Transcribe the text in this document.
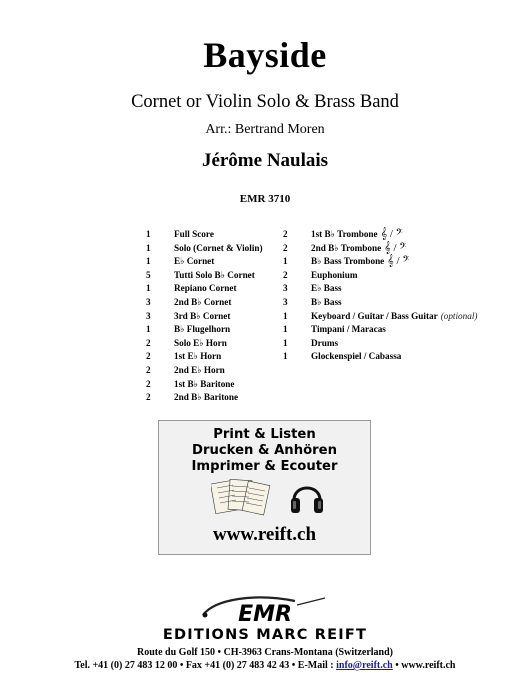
Bayside
Cornet or Violin Solo & Brass Band
Arr.: Bertrand Moren
Jérôme Naulais
EMR 3710
1	Full Score
1	Solo (Cornet & Violin)
1	E♭ Cornet
5	Tutti Solo B♭ Cornet
1	Repiano Cornet
3	2nd B♭ Cornet
3	3rd B♭ Cornet
1	B♭ Flugelhorn
2	Solo E♭ Horn
2	1st E♭ Horn
2	2nd E♭ Horn
2	1st B♭ Baritone
2	2nd B♭ Baritone
2	1st B♭ Trombone 𝄞 / 𝄢
2	2nd B♭ Trombone 𝄞 / 𝄢
1	B♭ Bass Trombone 𝄞 / 𝄢
2	Euphonium
3	E♭ Bass
3	B♭ Bass
1	Keyboard / Guitar / Bass Guitar (optional)
1	Timpani / Maracas
1	Drums
1	Glockenspiel / Cabassa
Print & Listen
Drucken & Anhören
Imprimer & Ecouter
www.reift.ch
EMR
EDITIONS MARC REIFT
Route du Golf 150 • CH-3963 Crans-Montana (Switzerland)
Tel. +41 (0) 27 483 12 00 • Fax +41 (0) 27 483 42 43 • E-Mail : info@reift.ch • www.reift.ch
